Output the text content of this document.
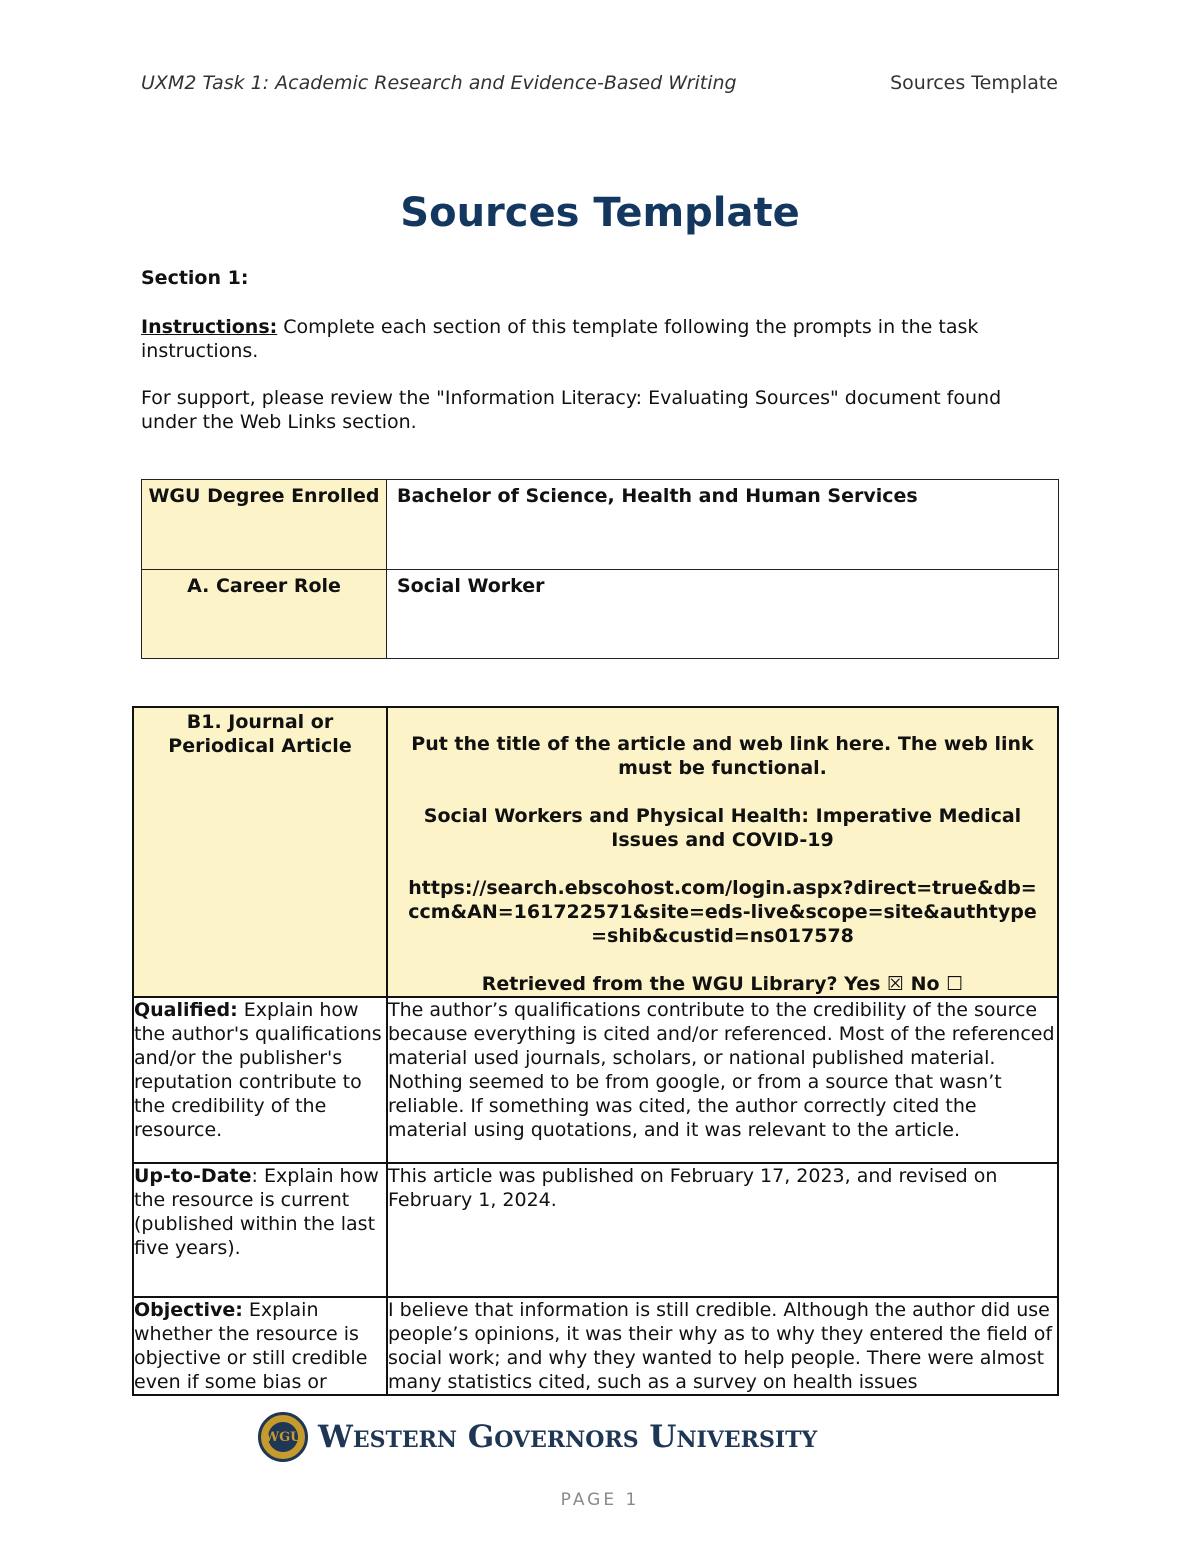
UXM2 Task 1: Academic Research and Evidence-Based Writing	Sources Template
Sources Template
Section 1:
Instructions: Complete each section of this template following the prompts in the task instructions.
For support, please review the "Information Literacy: Evaluating Sources" document found under the Web Links section.
WGU Degree Enrolled	Bachelor of Science, Health and Human Services
A. Career Role	Social Worker
B1. Journal or Periodical Article	Put the title of the article and web link here. The web link must be functional.
Social Workers and Physical Health: Imperative Medical Issues and COVID-19
https://search.ebscohost.com/login.aspx?direct=true&db=ccm&AN=161722571&site=eds-live&scope=site&authtype=shib&custid=ns017578
Retrieved from the WGU Library? Yes ☒ No ☐

Qualified: Explain how the author's qualifications and/or the publisher's reputation contribute to the credibility of the resource.	The author’s qualifications contribute to the credibility of the source because everything is cited and/or referenced. Most of the referenced material used journals, scholars, or national published material. Nothing seemed to be from google, or from a source that wasn’t reliable. If something was cited, the author correctly cited the material using quotations, and it was relevant to the article.
Up-to-Date: Explain how the resource is current (published within the last five years).	This article was published on February 17, 2023, and revised on February 1, 2024.
Objective: Explain whether the resource is objective or still credible even if some bias or	I believe that information is still credible. Although the author did use people’s opinions, it was their why as to why they entered the field of social work; and why they wanted to help people. There were almost many statistics cited, such as a survey on health issues
WGU Western Governors University
PAGE 1
